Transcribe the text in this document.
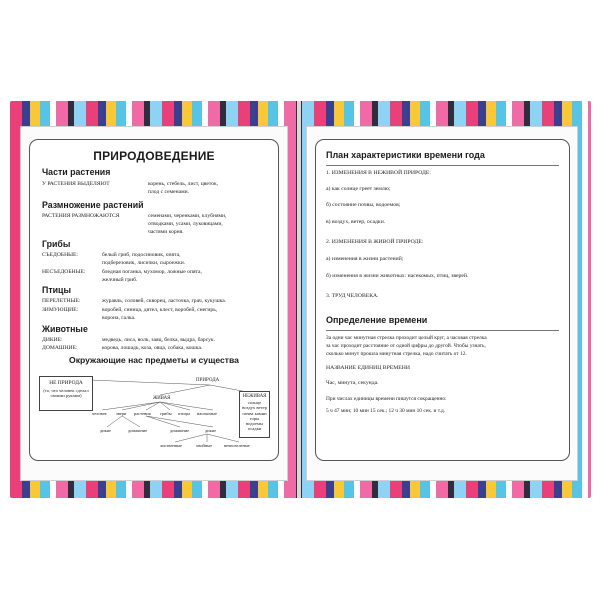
ПРИРОДОВЕДЕНИЕ
Части растения
У РАСТЕНИЯ ВЫДЕЛЯЮТ	корень, стебель, лист, цветок,
плод с семенами.
Размножение растений
РАСТЕНИЯ РАЗМНОЖАЮТСЯ	семенами, черенками, клубнями,
отводками, усами, луковицами,
частями корня.
Грибы
СЪЕДОБНЫЕ:	белый гриб, подосиновик, опята,
подберезовик, лисички, сыроежки.
НЕСЪЕДОБНЫЕ:	бледная поганка, мухомор, ложные опята,
желчный гриб.
Птицы
ПЕРЕЛЕТНЫЕ:	журавль, соловей, скворец, ласточка, грач, кукушка.
ЗИМУЮЩИЕ:	воробей, синица, дятел, клест, воробей, снегирь,
ворона, галка.
Животные
ДИКИЕ:	медведь, лиса, волк, заяц, белка, выдра, барсук.
ДОМАШНИЕ:	корова, лошадь, коза, овца, собака, кошка.
Окружающие нас предметы и существа
НЕ ПРИРОДА
(то, что человек сделал своими руками)
ПРИРОДА
ЖИВАЯ	НЕЖИВАЯ
солнце воздух ветер почва камни горы водоемы осадки
человек звери растения грибы птицы насекомые
дикие	домашние	домашние	дикие
лиственные	хвойные	вечнозеленые
План характеристики времени года
1. ИЗМЕНЕНИЯ В НЕЖИВОЙ ПРИРОДЕ:
а) как солнце греет землю;
б) состояние почвы, водоемов;
в) воздух, ветер, осадки.
2. ИЗМЕНЕНИЯ В ЖИВОЙ ПРИРОДЕ:
а) изменения в жизни растений;
б) изменения в жизни животных: насекомых, птиц, зверей.
3. ТРУД ЧЕЛОВЕКА.
Определение времени
За одни час минутная стрелка проходит целый круг, а часовая стрелка
за час проходит расстояние от одной цифры до другой. Чтобы узнать,
сколько минут прошла минутная стрелка, надо считать от 12.
НАЗВАНИЕ ЕДИНИЦ ВРЕМЕНИ
Час, минута, секунда.
При числах единицы времени пишутся сокращенно:
5 ч 47 мин; 10 мин 15 сек.; 12 ч 30 мин 10 сек. и т.д.
